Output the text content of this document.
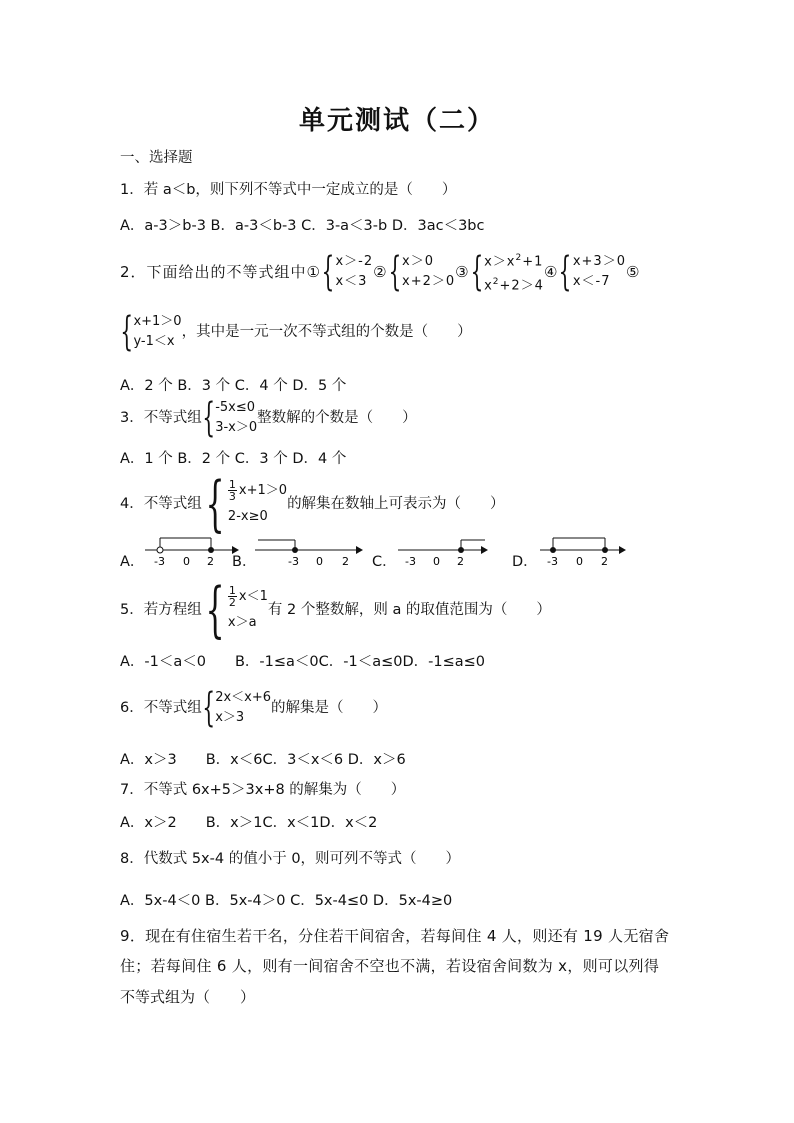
单元测试（二）
一、选择题
1．若 a＜b，则下列不等式中一定成立的是（　　）
A．a-3＞b-3 B．a-3＜b-3 C．3-a＜3-b D．3ac＜3bc
2．下面给出的不等式组中① { x＞-2
x＜3
② { x＞0
x+2＞0
③ { $x>x^2+1$
$x^2+2>4$
④ { x+3＞0
x＜-7
⑤
{ x+1＞0
y-1＜x
，其中是一元一次不等式组的个数是（　　）
A．2 个 B．3 个 C．4 个 D．5 个
3．不等式组 { -5x≤0
3-x＞0
整数解的个数是（　　）
A．1 个 B．2 个 C．3 个 D．4 个
4．不等式组 { $\frac{1}{3} x+1>0$
2-x≥0
的解集在数轴上可表示为（　　）
A． -3 0 2 B．	-3 0 2 C． -3 0 2	D． -3 0 2
5．若方程组 { $\frac{1}{2} x<1$
x＞a
有 2 个整数解，则 a 的取值范围为（　　）
A．-1＜a＜0　　B．-1≤a＜0C．-1＜a≤0D．-1≤a≤0
6．不等式组 { 2x＜x+6
x＞3
的解集是（　　）
A．x＞3　　B．x＜6C．3＜x＜6 D．x＞6
7．不等式 6x+5＞3x+8 的解集为（　　）
A．x＞2　　B．x＞1C．x＜1D．x＜2
8．代数式 5x-4 的值小于 0，则可列不等式（　　）
A．5x-4＜0 B．5x-4＞0 C．5x-4≤0 D．5x-4≥0
9．现在有住宿生若干名，分住若干间宿舍，若每间住 4 人，则还有 19 人无宿舍
住；若每间住 6 人，则有一间宿舍不空也不满，若设宿舍间数为 x，则可以列得
不等式组为（　　）
